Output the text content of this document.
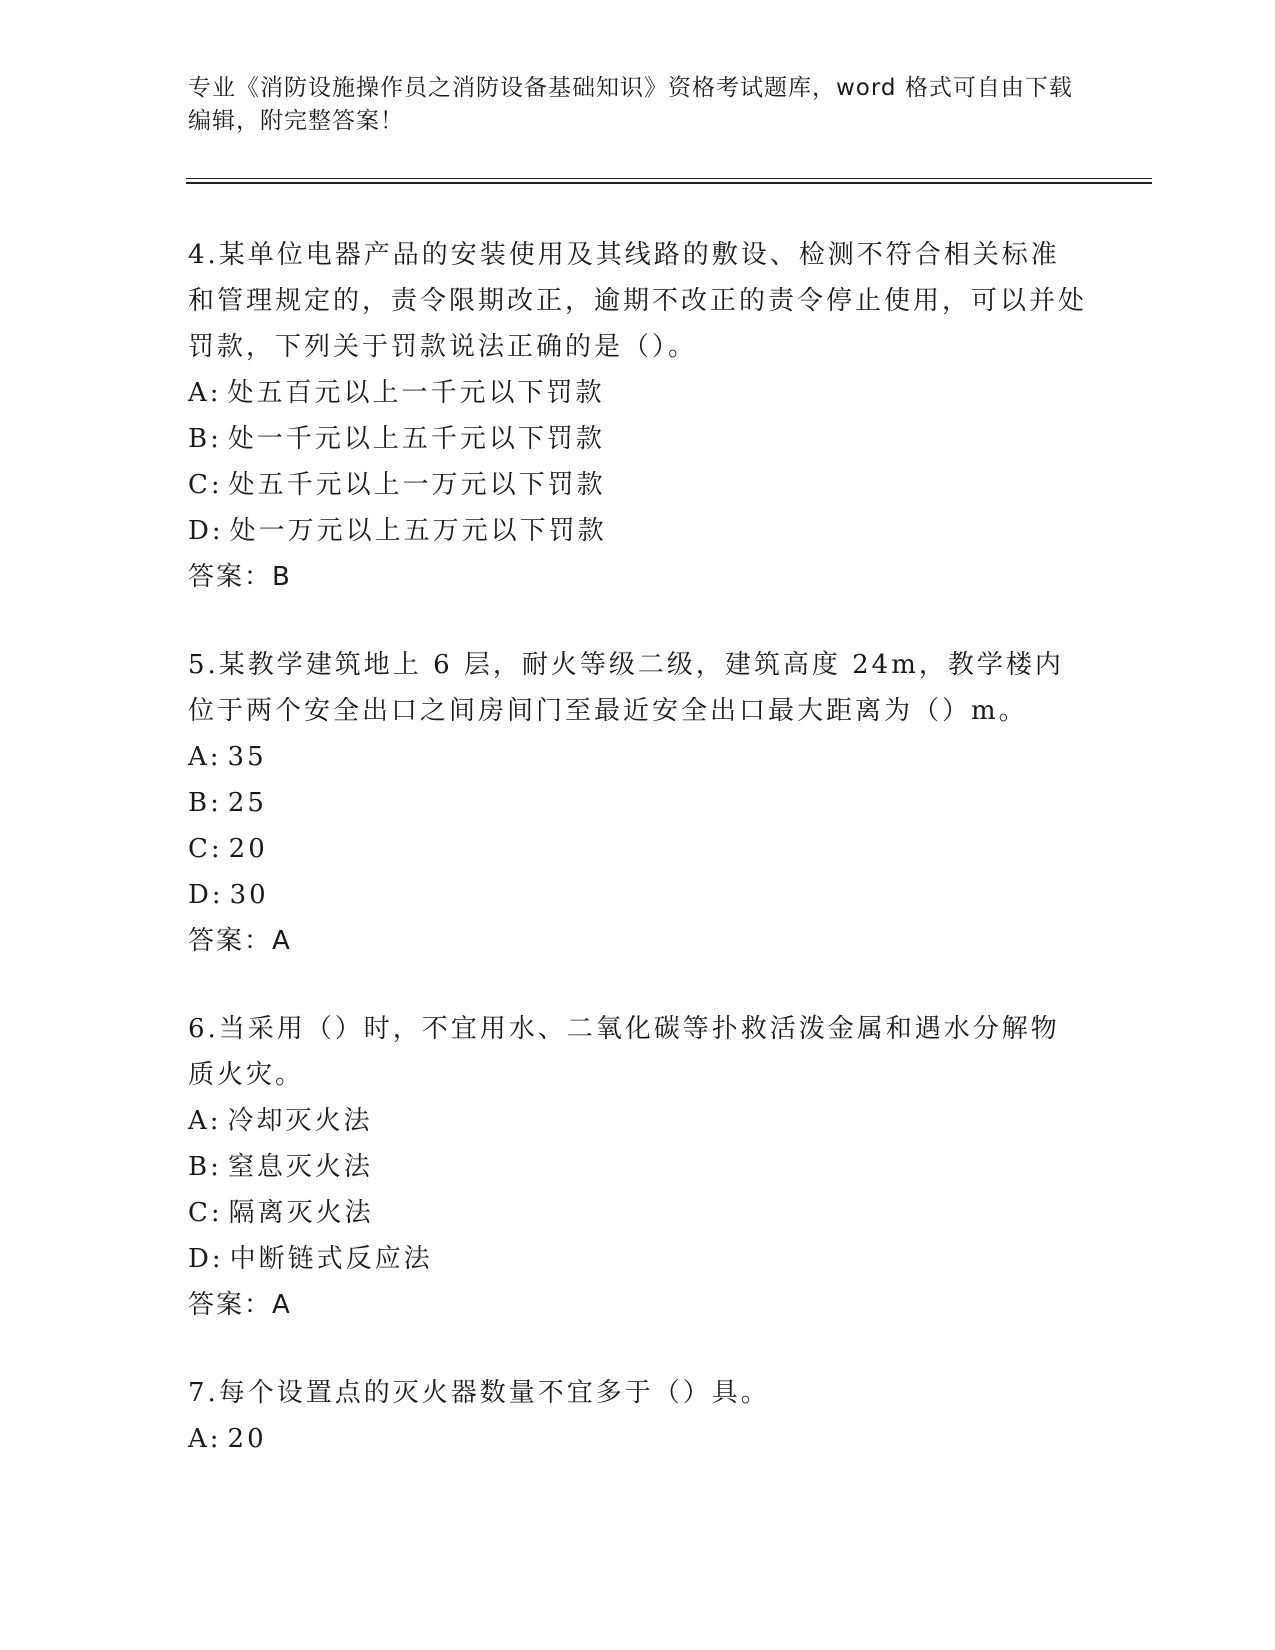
专业《消防设施操作员之消防设备基础知识》资格考试题库，word 格式可自由下载编辑，附完整答案！
4.某单位电器产品的安装使用及其线路的敷设、检测不符合相关标准和管理规定的，责令限期改正，逾期不改正的责令停止使用，可以并处罚款，下列关于罚款说法正确的是（）。
A: 处五百元以上一千元以下罚款
B: 处一千元以上五千元以下罚款
C: 处五千元以上一万元以下罚款
D: 处一万元以上五万元以下罚款
答案：B
5.某教学建筑地上 6 层，耐火等级二级，建筑高度 24m，教学楼内位于两个安全出口之间房间门至最近安全出口最大距离为（）m。
A: 35
B: 25
C: 20
D: 30
答案：A
6.当采用（）时，不宜用水、二氧化碳等扑救活泼金属和遇水分解物质火灾。
A: 冷却灭火法
B: 窒息灭火法
C: 隔离灭火法
D: 中断链式反应法
答案：A
7.每个设置点的灭火器数量不宜多于（）具。
A: 20
